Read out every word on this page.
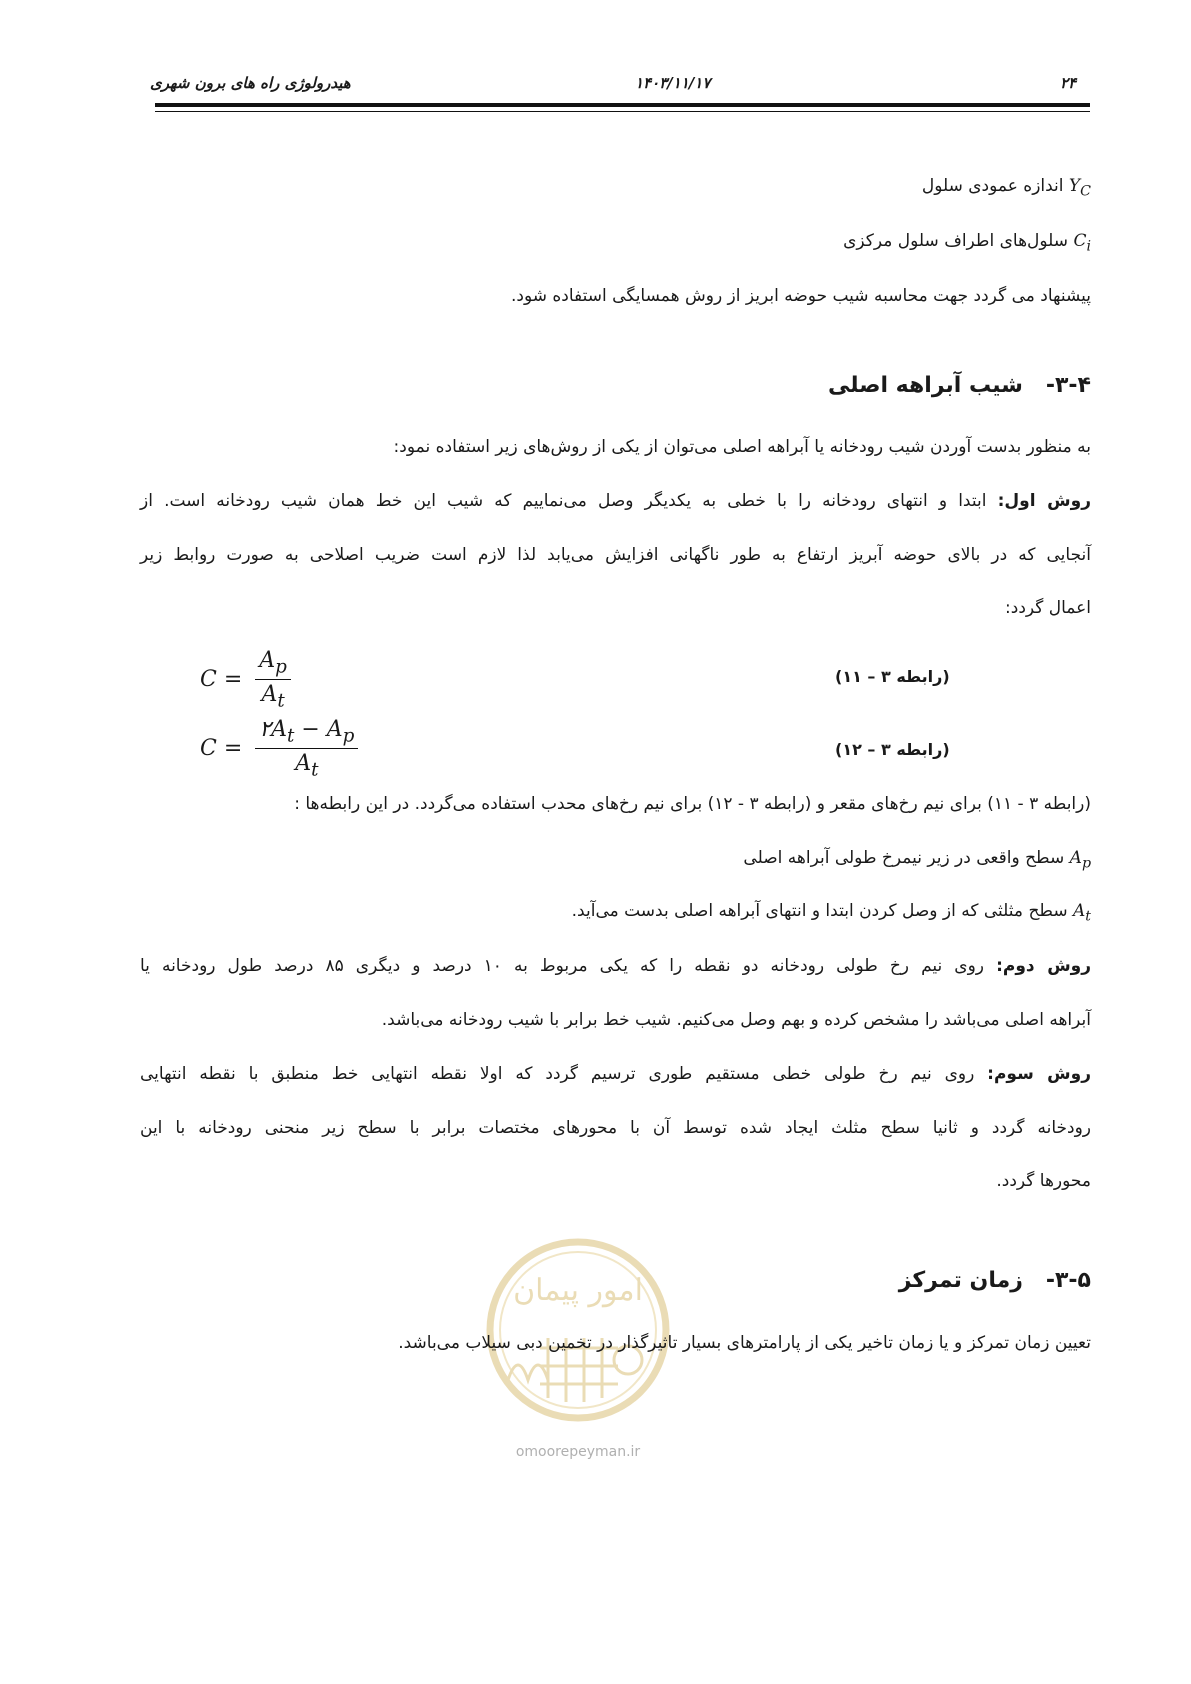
هیدرولوژی راه های برون شهری	۱۴۰۳/۱۱/۱۷	۲۴
$Y_C$ اندازه عمودی سلول
$C_i$ سلول‌های اطراف سلول مرکزی
پیشنهاد می گردد جهت محاسبه شیب حوضه ابریز از روش همسایگی استفاده شود.
۳-۴-   شیب آبراهه اصلی
به منظور بدست آوردن شیب رودخانه یا آبراهه اصلی می‌توان از یکی از روش‌های زیر استفاده نمود:
روش اول: ابتدا و انتهای رودخانه را با خطی به یکدیگر وصل می‌نماییم که شیب این خط همان شیب رودخانه است. از
آنجایی که در بالای حوضه آبریز ارتفاع به طور ناگهانی افزایش می‌یابد لذا لازم است ضریب اصلاحی به صورت روابط زیر
اعمال گردد:
$C = \frac{A_p}{A_t}$	(رابطه ۳ – ۱۱)
$C = \frac{۲A_t - A_p}{A_t}$	(رابطه ۳ – ۱۲)
(رابطه ۳ - ۱۱) برای نیم رخ‌های مقعر و (رابطه ۳ - ۱۲) برای نیم رخ‌های محدب استفاده می‌گردد. در این رابطه‌ها :
$A_p$ سطح واقعی در زیر نیمرخ طولی آبراهه اصلی
$A_t$ سطح مثلثی که از وصل کردن ابتدا و انتهای آبراهه اصلی بدست می‌آید.
روش دوم: روی نیم رخ طولی رودخانه دو نقطه را که یکی مربوط به ۱۰ درصد و دیگری ۸۵ درصد طول رودخانه یا
آبراهه اصلی می‌باشد را مشخص کرده و بهم وصل می‌کنیم. شیب خط برابر با شیب رودخانه می‌باشد.
روش سوم: روی نیم رخ طولی خطی مستقیم طوری ترسیم گردد که اولا نقطه انتهایی خط منطبق با نقطه انتهایی
رودخانه گردد و ثانیا سطح مثلث ایجاد شده توسط آن با محورهای مختصات برابر با سطح زیر منحنی رودخانه با این
محورها گردد.
امور پیمان
omoorepeyman.ir
۳-۵-   زمان تمرکز
تعیین زمان تمرکز و یا زمان تاخیر یکی از پارامترهای بسیار تاثیرگذار در تخمین دبی سیلاب می‌باشد.
